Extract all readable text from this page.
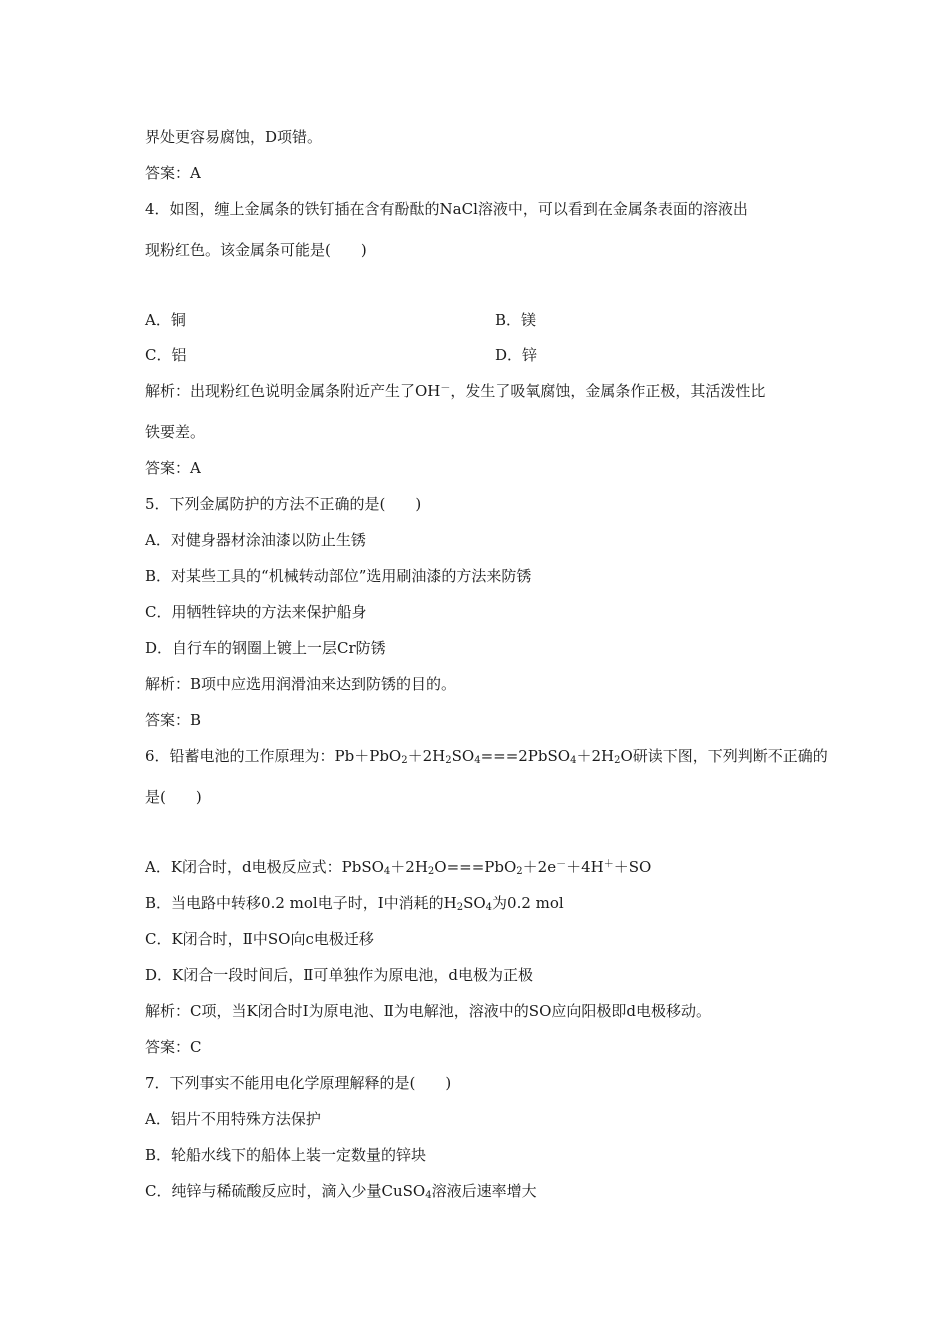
界处更容易腐蚀，D项错。
答案：A
4．如图，缠上金属条的铁钉插在含有酚酞的NaCl溶液中，可以看到在金属条表面的溶液出
现粉红色。该金属条可能是(　　)
A．铜	B．镁
C．铝	D．锌
解析：出现粉红色说明金属条附近产生了OH－，发生了吸氧腐蚀，金属条作正极，其活泼性比
铁要差。
答案：A
5．下列金属防护的方法不正确的是(　　)
A．对健身器材涂油漆以防止生锈
B．对某些工具的“机械转动部位”选用刷油漆的方法来防锈
C．用牺牲锌块的方法来保护船身
D．自行车的钢圈上镀上一层Cr防锈
解析：B项中应选用润滑油来达到防锈的目的。
答案：B
6．铅蓄电池的工作原理为：$Pb+PbO_2+2H_2SO_4===2PbSO_4+2H_2O$研读下图，下列判断不正确的
是(　　)
A．K闭合时，d电极反应式：$PbSO_4+2H_2O===PbO_2+2e^-+4H^++SO$
B．当电路中转移0.2 mol电子时，Ⅰ中消耗的$H_2SO_4$为0.2 mol
C．K闭合时，Ⅱ中SO向c电极迁移
D．K闭合一段时间后，Ⅱ可单独作为原电池，d电极为正极
解析：C项，当K闭合时Ⅰ为原电池、Ⅱ为电解池，溶液中的SO应向阳极即d电极移动。
答案：C
7．下列事实不能用电化学原理解释的是(　　)
A．铝片不用特殊方法保护
B．轮船水线下的船体上装一定数量的锌块
C．纯锌与稀硫酸反应时，滴入少量CuSO$_4$溶液后速率增大
